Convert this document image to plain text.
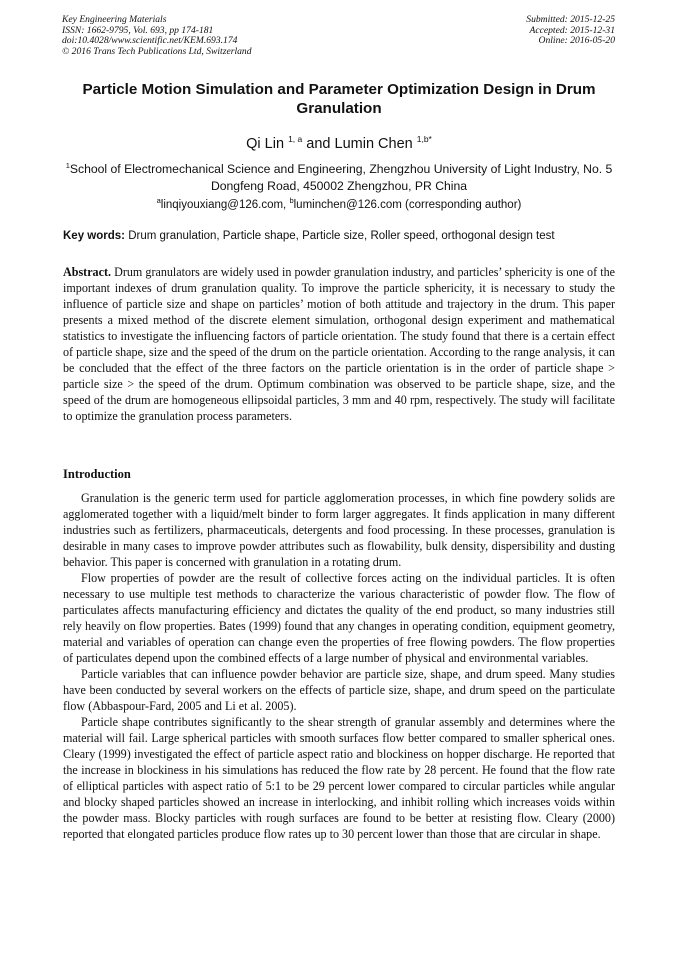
Key Engineering Materials
ISSN: 1662-9795, Vol. 693, pp 174-181
doi:10.4028/www.scientific.net/KEM.693.174
© 2016 Trans Tech Publications Ltd, Switzerland
Submitted: 2015-12-25
Accepted: 2015-12-31
Online: 2016-05-20
Particle Motion Simulation and Parameter Optimization Design in Drum Granulation
Qi Lin $^{1, a}$ and Lumin Chen $^{1,b*}$
$^1$School of Electromechanical Science and Engineering, Zhengzhou University of Light Industry, No. 5 Dongfeng Road, 450002 Zhengzhou, PR China
$^a$linqiyouxiang@126.com, $^b$luminchen@126.com (corresponding author)
Key words: Drum granulation, Particle shape, Particle size, Roller speed, orthogonal design test
Abstract. Drum granulators are widely used in powder granulation industry, and particles’ sphericity is one of the important indexes of drum granulation quality. To improve the particle sphericity, it is necessary to study the influence of particle size and shape on particles’ motion of both attitude and trajectory in the drum. This paper presents a mixed method of the discrete element simulation, orthogonal design experiment and mathematical statistics to investigate the influencing factors of particle orientation. The study found that there is a certain effect of particle shape, size and the speed of the drum on the particle orientation. According to the range analysis, it can be concluded that the effect of the three factors on the particle orientation is in the order of particle shape > particle size > the speed of the drum. Optimum combination was observed to be particle shape, size, and the speed of the drum are homogeneous ellipsoidal particles, 3 mm and 40 rpm, respectively. The study will facilitate to optimize the granulation process parameters.
Introduction

Granulation is the generic term used for particle agglomeration processes, in which fine powdery solids are agglomerated together with a liquid/melt binder to form larger aggregates. It finds application in many different industries such as fertilizers, pharmaceuticals, detergents and food processing. In these processes, granulation is desirable in many cases to improve powder attributes such as flowability, bulk density, dispersibility and dusting behavior. This paper is concerned with granulation in a rotating drum.

Flow properties of powder are the result of collective forces acting on the individual particles. It is often necessary to use multiple test methods to characterize the various characteristic of powder flow. The flow of particulates affects manufacturing efficiency and dictates the quality of the end product, so many industries still rely heavily on flow properties. Bates (1999) found that any changes in operating condition, equipment geometry, material and variables of operation can change even the properties of free flowing powders. The flow properties of particulates depend upon the combined effects of a large number of physical and environmental variables.

Particle variables that can influence powder behavior are particle size, shape, and drum speed. Many studies have been conducted by several workers on the effects of particle size, shape, and drum speed on the particulate flow (Abbaspour-Fard, 2005 and Li et al. 2005).

Particle shape contributes significantly to the shear strength of granular assembly and determines where the material will fail. Large spherical particles with smooth surfaces flow better compared to smaller spherical ones. Cleary (1999) investigated the effect of particle aspect ratio and blockiness on hopper discharge. He reported that the increase in blockiness in his simulations has reduced the flow rate by 28 percent. He found that the flow rate of elliptical particles with aspect ratio of 5:1 to be 29 percent lower compared to circular particles while angular and blocky shaped particles showed an increase in interlocking, and inhibit rolling which increases voids within the powder mass. Blocky particles with rough surfaces are found to be better at resisting flow. Cleary (2000) reported that elongated particles produce flow rates up to 30 percent lower than those that are circular in shape.
